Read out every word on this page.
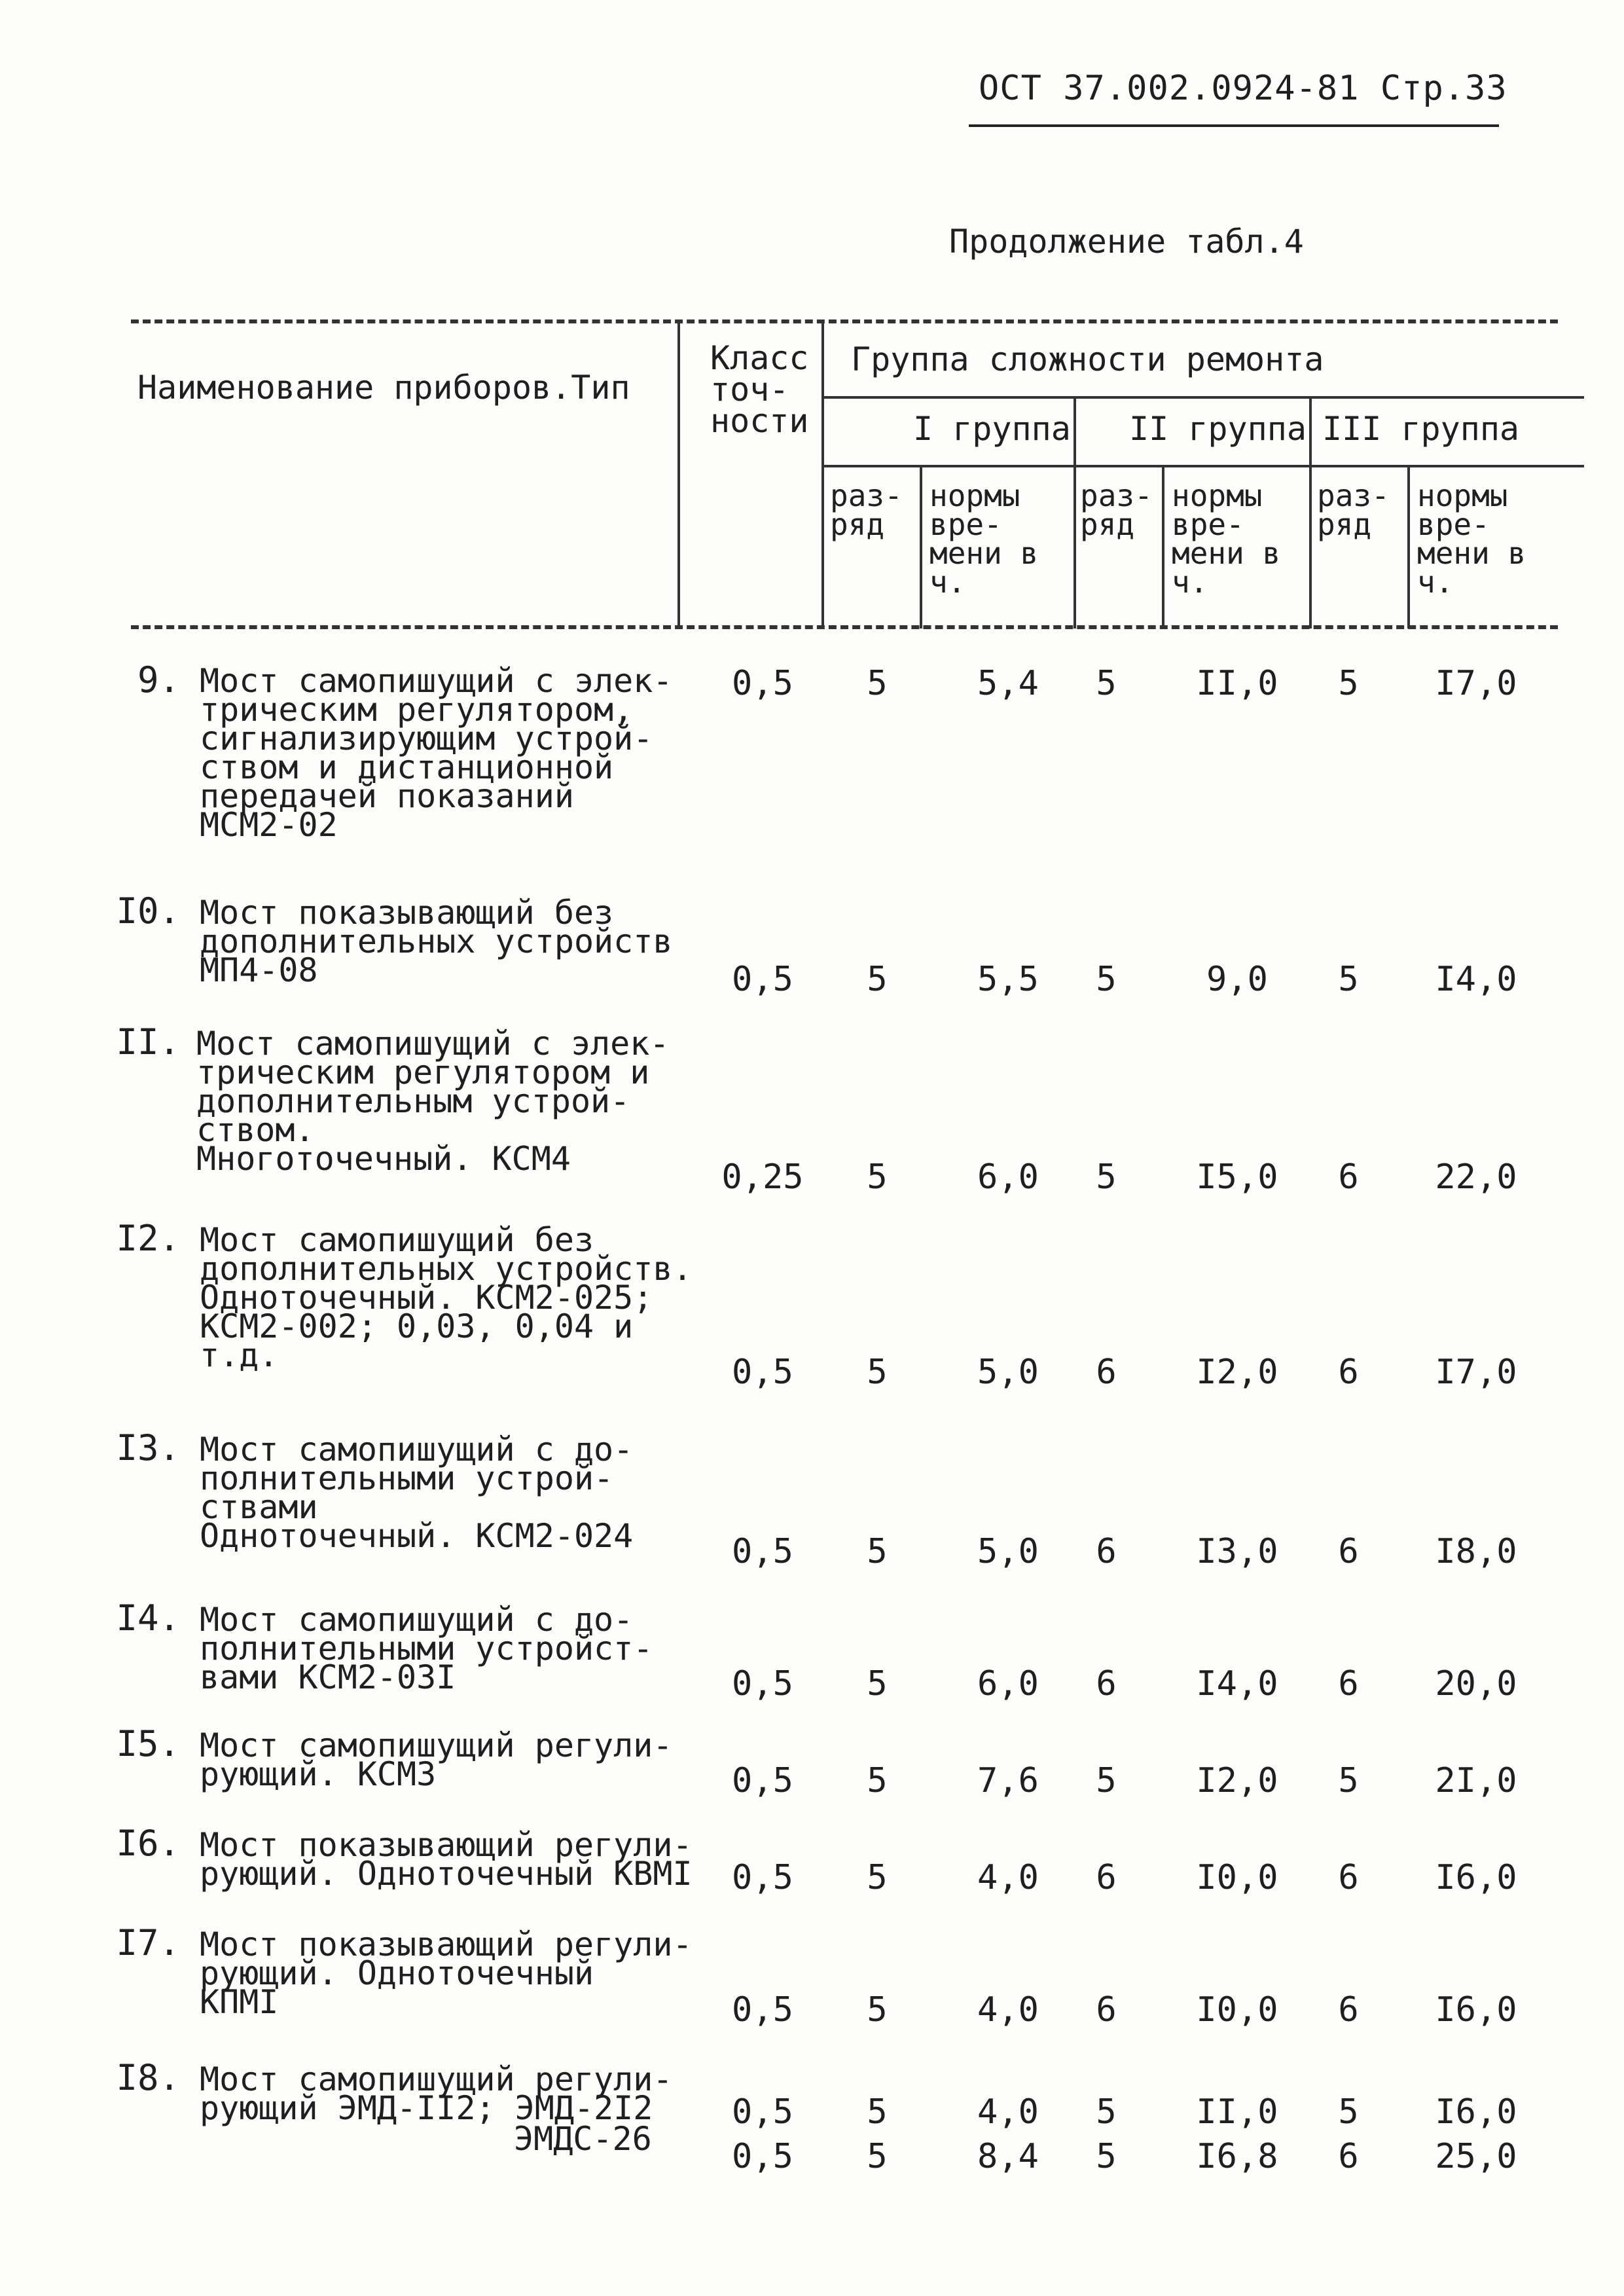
ОСТ 37.002.0924-81 Стр.33
Продолжение табл.4
Наименование приборов.Тип
Класс
точ-
ности
Группа сложности ремонта
I группа II группа III группа
раз-
ряд
нормы
вре-
мени в
ч.
раз-
ряд
нормы
вре-
мени в
ч.
раз-
ряд
нормы
вре-
мени в
ч.
9. Мост самопишущий с элек-
трическим регулятором,
сигнализирующим устрой-
ством и дистанционной
передачей показаний
МСМ2-02
0,5	5	5,4	5	II,0	5	I7,0
I0. Мост показывающий без
дополнительных устройств
МП4-08	0,5	5	5,5	5	9,0	5	I4,0
II. Мост самопишущий с элек-
трическим регулятором и
дополнительным устрой-
ством.
Многоточечный. КСМ4	0,25	5	6,0	5	I5,0	6	22,0
I2. Мост самопишущий без
дополнительных устройств.
Одноточечный. КСМ2-025;
КСМ2-002; 0,03, 0,04 и
т.д.	0,5	5	5,0	6	I2,0	6	I7,0
I3. Мост самопишущий с до-
полнительными устрой-
ствами
Одноточечный. КСМ2-024	0,5	5	5,0	6	I3,0	6	I8,0
I4. Мост самопишущий с до-
полнительными устройст-
вами КСМ2-03I	0,5	5	6,0	6	I4,0	6	20,0
I5. Мост самопишущий регули-
рующий. КСМ3	0,5	5	7,6	5	I2,0	5	2I,0
I6. Мост показывающий регули-
рующий. Одноточечный КВМI	0,5	5	4,0	6	I0,0	6	I6,0
I7. Мост показывающий регули-
рующий. Одноточечный
КПМI	0,5	5	4,0	6	I0,0	6	I6,0
I8. Мост самопишущий регули-
рующий ЭМД-II2; ЭМД-2I2	0,5	5	4,0	5	II,0	5	I6,0
ЭМДС-26	0,5	5	8,4	5	I6,8	6	25,0
